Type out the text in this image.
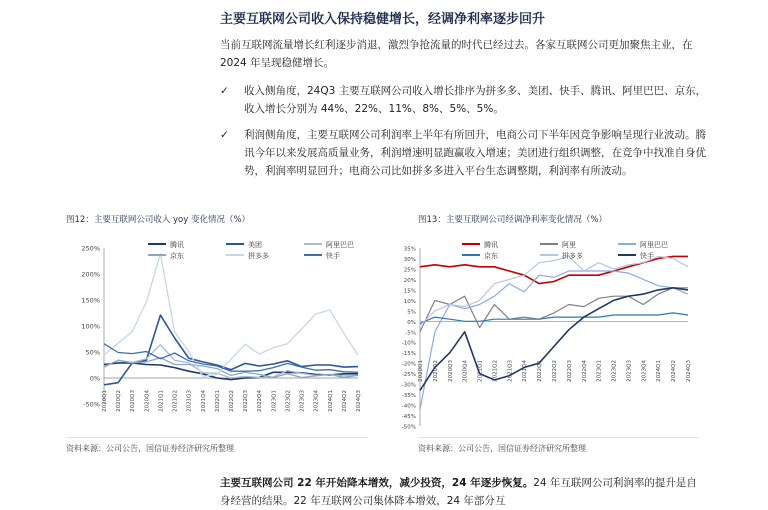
主要互联网公司收入保持稳健增长，经调净利率逐步回升
当前互联网流量增长红利逐步消退，激烈争抢流量的时代已经过去。各家互联网公司更加聚焦主业，在 2024 年呈现稳健增长。
✓	收入侧角度，24Q3 主要互联网公司收入增长排序为拼多多、美团、快手、腾讯、阿里巴巴、京东，收入增长分别为 44%、22%、11%、8%、5%、5%。
✓	利润侧角度，主要互联网公司利润率上半年有所回升，电商公司下半年因竞争影响呈现行业波动。腾讯今年以来发展高质量业务，利润增速明显跑赢收入增速；美团进行组织调整，在竞争中找准自身优势，利润率明显回升；电商公司比如拼多多进入平台生态调整期，利润率有所波动。
图12：主要互联网公司收入 yoy 变化情况（%）	图13：主要互联网公司经调净利率变化情况（%）
250%
200%
150%
100%
50%
0%
-50% 2020Q1 2020Q2 2020Q3 2020Q4 2021Q1 2021Q2 2021Q3 2021Q4 2022Q1 2022Q2 2022Q3 2022Q4 2023Q1 2023Q2 2023Q3 2023Q4 2024Q1 2024Q2 2024Q3
腾讯	美团	阿里巴巴
京东	拼多多	快手
35%
30%
25%
20%
15%
10%
5%
0%
-5%
-10%
-15%
-20%
-25%
-30%
-35%
-40%
-45%
-50%
2020Q1 2020Q2 2020Q3 2020Q4 2021Q1 2021Q2 2021Q3 2021Q4 2022Q1 2022Q2 2022Q3 2022Q4 2023Q1 2023Q2 2023Q3 2023Q4 2024Q1 2024Q2 2024Q3
腾讯	阿里	阿里巴巴
京东	拼多多	快手
资料来源：公司公告，国信证券经济研究所整理	资料来源：公司公告，国信证券经济研究所整理
主要互联网公司 22 年开始降本增效，减少投资，24 年逐步恢复。24 年互联网公司利润率的提升是自身经营的结果。22 年互联网公司集体降本增效，24 年部分互
